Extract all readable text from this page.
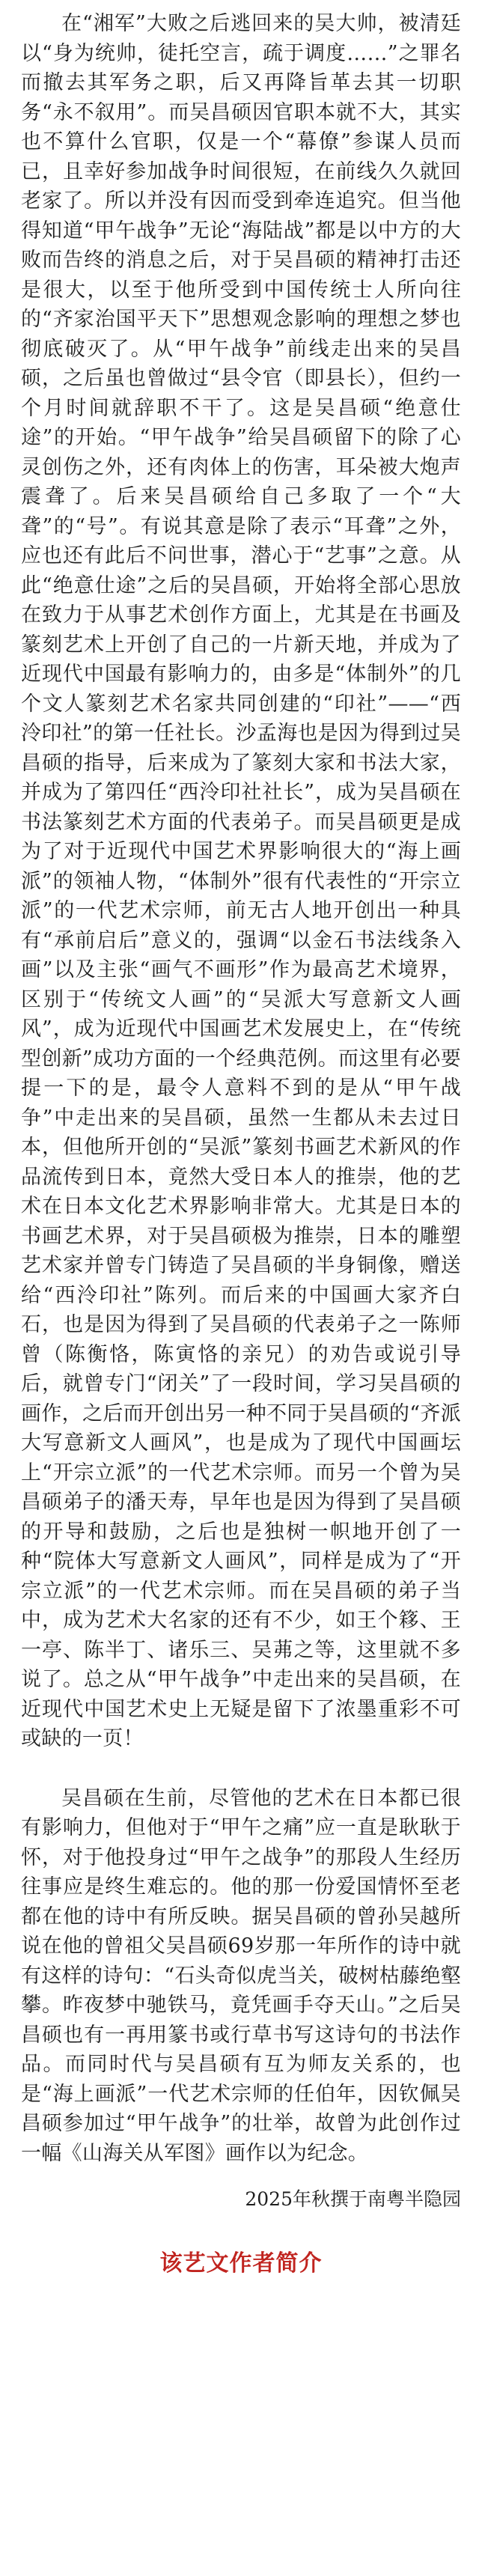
在“湘军”大败之后逃回来的吴大帅，被清廷以“身为统帅，徒托空言，疏于调度……”之罪名而撤去其军务之职，后又再降旨革去其一切职务“永不叙用”。而吴昌硕因官职本就不大，其实也不算什么官职，仅是一个“幕僚”参谋人员而已，且幸好参加战争时间很短，在前线久久就回老家了。所以并没有因而受到牵连追究。但当他得知道“甲午战争”无论“海陆战”都是以中方的大败而告终的消息之后，对于吴昌硕的精神打击还是很大，以至于他所受到中国传统士人所向往的“齐家治国平天下”思想观念影响的理想之梦也彻底破灭了。从“甲午战争”前线走出来的吴昌硕，之后虽也曾做过“县令官（即县长），但约一个月时间就辞职不干了。这是吴昌硕“绝意仕途”的开始。“甲午战争”给吴昌硕留下的除了心灵创伤之外，还有肉体上的伤害，耳朵被大炮声震聋了。后来吴昌硕给自己多取了一个“大聋”的“号”。有说其意是除了表示“耳聋”之外，应也还有此后不问世事，潜心于“艺事”之意。从此“绝意仕途”之后的吴昌硕，开始将全部心思放在致力于从事艺术创作方面上，尤其是在书画及篆刻艺术上开创了自己的一片新天地，并成为了近现代中国最有影响力的，由多是“体制外”的几个文人篆刻艺术名家共同创建的“印社”——“西泠印社”的第一任社长。沙孟海也是因为得到过吴昌硕的指导，后来成为了篆刻大家和书法大家，并成为了第四任“西泠印社社长”，成为吴昌硕在书法篆刻艺术方面的代表弟子。而吴昌硕更是成为了对于近现代中国艺术界影响很大的“海上画派”的领袖人物，“体制外”很有代表性的“开宗立派”的一代艺术宗师，前无古人地开创出一种具有“承前启后”意义的，强调“以金石书法线条入画”以及主张“画气不画形”作为最高艺术境界，区别于“传统文人画”的“吴派大写意新文人画风”，成为近现代中国画艺术发展史上，在“传统型创新”成功方面的一个经典范例。而这里有必要提一下的是，最令人意料不到的是从“甲午战争”中走出来的吴昌硕，虽然一生都从未去过日本，但他所开创的“吴派”篆刻书画艺术新风的作品流传到日本，竟然大受日本人的推崇，他的艺术在日本文化艺术界影响非常大。尤其是日本的书画艺术界，对于吴昌硕极为推崇，日本的雕塑艺术家并曾专门铸造了吴昌硕的半身铜像，赠送给“西泠印社”陈列。而后来的中国画大家齐白石，也是因为得到了吴昌硕的代表弟子之一陈师曾（陈衡恪，陈寅恪的亲兄）的劝告或说引导后，就曾专门“闭关”了一段时间，学习吴昌硕的画作，之后而开创出另一种不同于吴昌硕的“齐派大写意新文人画风”，也是成为了现代中国画坛上“开宗立派”的一代艺术宗师。而另一个曾为吴昌硕弟子的潘天寿，早年也是因为得到了吴昌硕的开导和鼓励，之后也是独树一帜地开创了一种“院体大写意新文人画风”，同样是成为了“开宗立派”的一代艺术宗师。而在吴昌硕的弟子当中，成为艺术大名家的还有不少，如王个簃、王一亭、陈半丁、诸乐三、吴茀之等，这里就不多说了。总之从“甲午战争”中走出来的吴昌硕，在近现代中国艺术史上无疑是留下了浓墨重彩不可或缺的一页！

吴昌硕在生前，尽管他的艺术在日本都已很有影响力，但他对于“甲午之痛”应一直是耿耿于怀，对于他投身过“甲午之战争”的那段人生经历往事应是终生难忘的。他的那一份爱国情怀至老都在他的诗中有所反映。据吴昌硕的曾孙吴越所说在他的曾祖父吴昌硕69岁那一年所作的诗中就有这样的诗句：“石头奇似虎当关，破树枯藤绝壑攀。昨夜梦中驰铁马，竟凭画手夺天山。”之后吴昌硕也有一再用篆书或行草书写这诗句的书法作品。而同时代与吴昌硕有互为师友关系的，也是“海上画派”一代艺术宗师的任伯年，因钦佩吴昌硕参加过“甲午战争”的壮举，故曾为此创作过一幅《山海关从军图》画作以为纪念。

2025年秋撰于南粤半隐园

该艺文作者简介
